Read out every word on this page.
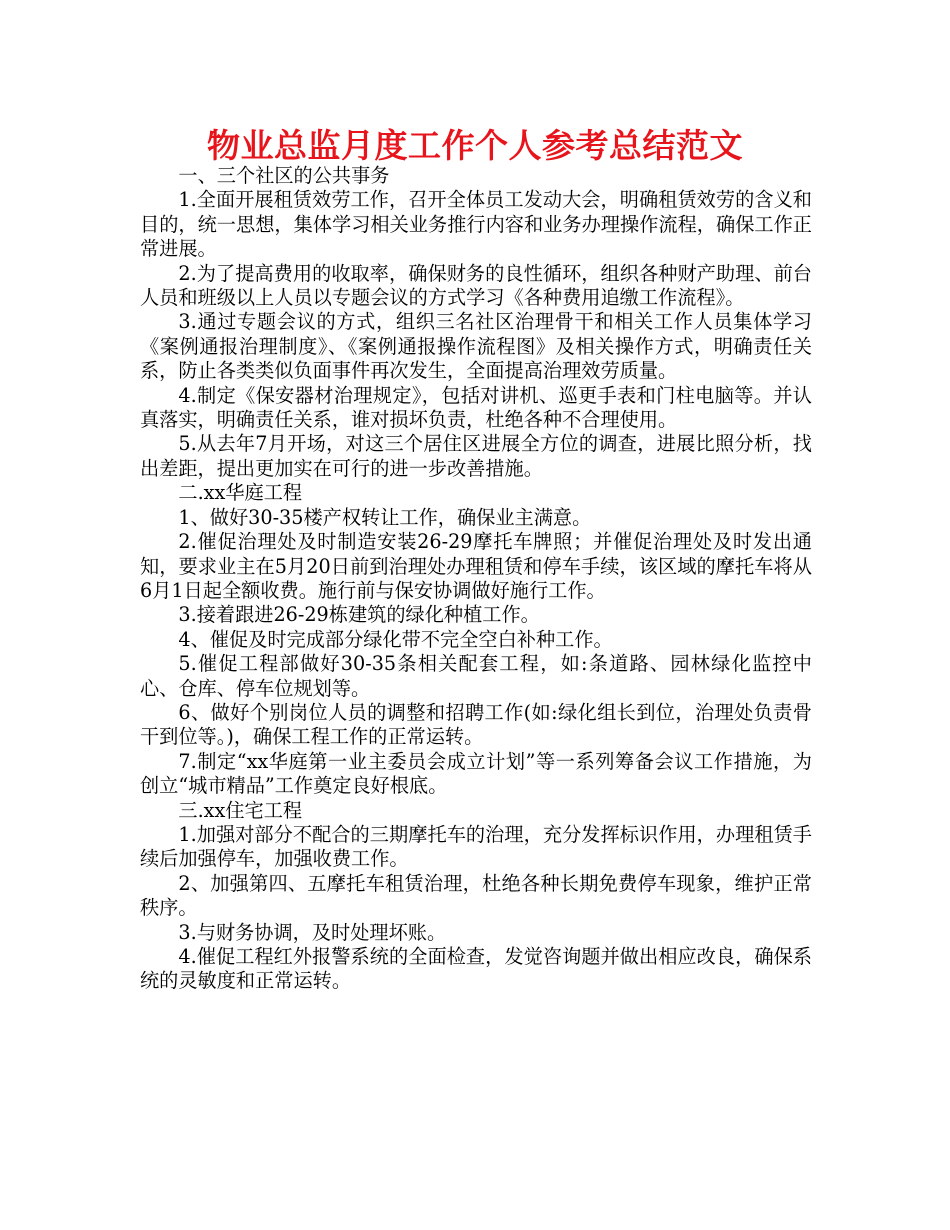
物业总监月度工作个人参考总结范文

一、三个社区的公共事务

1.全面开展租赁效劳工作，召开全体员工发动大会，明确租赁效劳的含义和目的，统一思想，集体学习相关业务推行内容和业务办理操作流程，确保工作正常进展。

2.为了提高费用的收取率，确保财务的良性循环，组织各种财产助理、前台人员和班级以上人员以专题会议的方式学习《各种费用追缴工作流程》。

3.通过专题会议的方式，组织三名社区治理骨干和相关工作人员集体学习《案例通报治理制度》、《案例通报操作流程图》及相关操作方式，明确责任关系，防止各类类似负面事件再次发生，全面提高治理效劳质量。

4.制定《保安器材治理规定》，包括对讲机、巡更手表和门柱电脑等。并认真落实，明确责任关系，谁对损坏负责，杜绝各种不合理使用。

5.从去年7月开场，对这三个居住区进展全方位的调查，进展比照分析，找出差距，提出更加实在可行的进一步改善措施。

二.xx华庭工程

1、做好30-35楼产权转让工作，确保业主满意。

2.催促治理处及时制造安装26-29摩托车牌照；并催促治理处及时发出通知，要求业主在5月20日前到治理处办理租赁和停车手续，该区域的摩托车将从6月1日起全额收费。施行前与保安协调做好施行工作。

3.接着跟进26-29栋建筑的绿化种植工作。

4、催促及时完成部分绿化带不完全空白补种工作。

5.催促工程部做好30-35条相关配套工程，如:条道路、园林绿化监控中心、仓库、停车位规划等。

6、做好个别岗位人员的调整和招聘工作(如:绿化组长到位，治理处负责骨干到位等。)，确保工程工作的正常运转。

7.制定“xx华庭第一业主委员会成立计划”等一系列筹备会议工作措施，为创立“城市精品”工作奠定良好根底。

三.xx住宅工程

1.加强对部分不配合的三期摩托车的治理，充分发挥标识作用，办理租赁手续后加强停车，加强收费工作。

2、加强第四、五摩托车租赁治理，杜绝各种长期免费停车现象，维护正常秩序。

3.与财务协调，及时处理坏账。

4.催促工程红外报警系统的全面检查，发觉咨询题并做出相应改良，确保系统的灵敏度和正常运转。
